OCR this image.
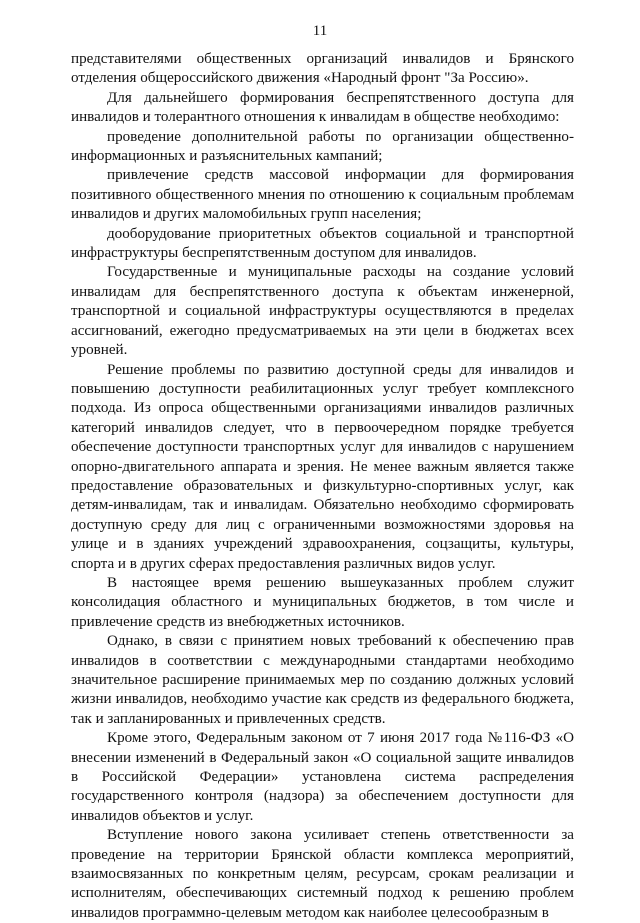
11

представителями общественных организаций инвалидов и Брянского отделения общероссийского движения «Народный фронт "За Россию».

Для дальнейшего формирования беспрепятственного доступа для инвалидов и толерантного отношения к инвалидам в обществе необходимо:

проведение дополнительной работы по организации общественно-информационных и разъяснительных кампаний;

привлечение средств массовой информации для формирования позитивного общественного мнения по отношению к социальным проблемам инвалидов и других маломобильных групп населения;

дооборудование приоритетных объектов социальной и транспортной инфраструктуры беспрепятственным доступом для инвалидов.

Государственные и муниципальные расходы на создание условий инвалидам для беспрепятственного доступа к объектам инженерной, транспортной и социальной инфраструктуры осуществляются в пределах ассигнований, ежегодно предусматриваемых на эти цели в бюджетах всех уровней.

Решение проблемы по развитию доступной среды для инвалидов и повышению доступности реабилитационных услуг требует комплексного подхода. Из опроса общественными организациями инвалидов различных категорий инвалидов следует, что в первоочередном порядке требуется обеспечение доступности транспортных услуг для инвалидов с нарушением опорно-двигательного аппарата и зрения. Не менее важным является также предоставление образовательных и физкультурно-спортивных услуг, как детям-инвалидам, так и инвалидам. Обязательно необходимо сформировать доступную среду для лиц с ограниченными возможностями здоровья на улице и в зданиях учреждений здравоохранения, соцзащиты, культуры, спорта и в других сферах предоставления различных видов услуг.

В настоящее время решению вышеуказанных проблем служит консолидация областного и муниципальных бюджетов, в том числе и привлечение средств из внебюджетных источников.

Однако, в связи с принятием новых требований к обеспечению прав инвалидов в соответствии с международными стандартами необходимо значительное расширение принимаемых мер по созданию должных условий жизни инвалидов, необходимо участие как средств из федерального бюджета, так и запланированных и привлеченных средств.

Кроме этого, Федеральным законом от 7 июня 2017 года №116-ФЗ «О внесении изменений в Федеральный закон «О социальной защите инвалидов в Российской Федерации» установлена система распределения государственного контроля (надзора) за обеспечением доступности для инвалидов объектов и услуг.

Вступление нового закона усиливает степень ответственности за проведение на территории Брянской области комплекса мероприятий, взаимосвязанных по конкретным целям, ресурсам, срокам реализации и исполнителям, обеспечивающих системный подход к решению проблем инвалидов программно-целевым методом как наиболее целесообразным в
